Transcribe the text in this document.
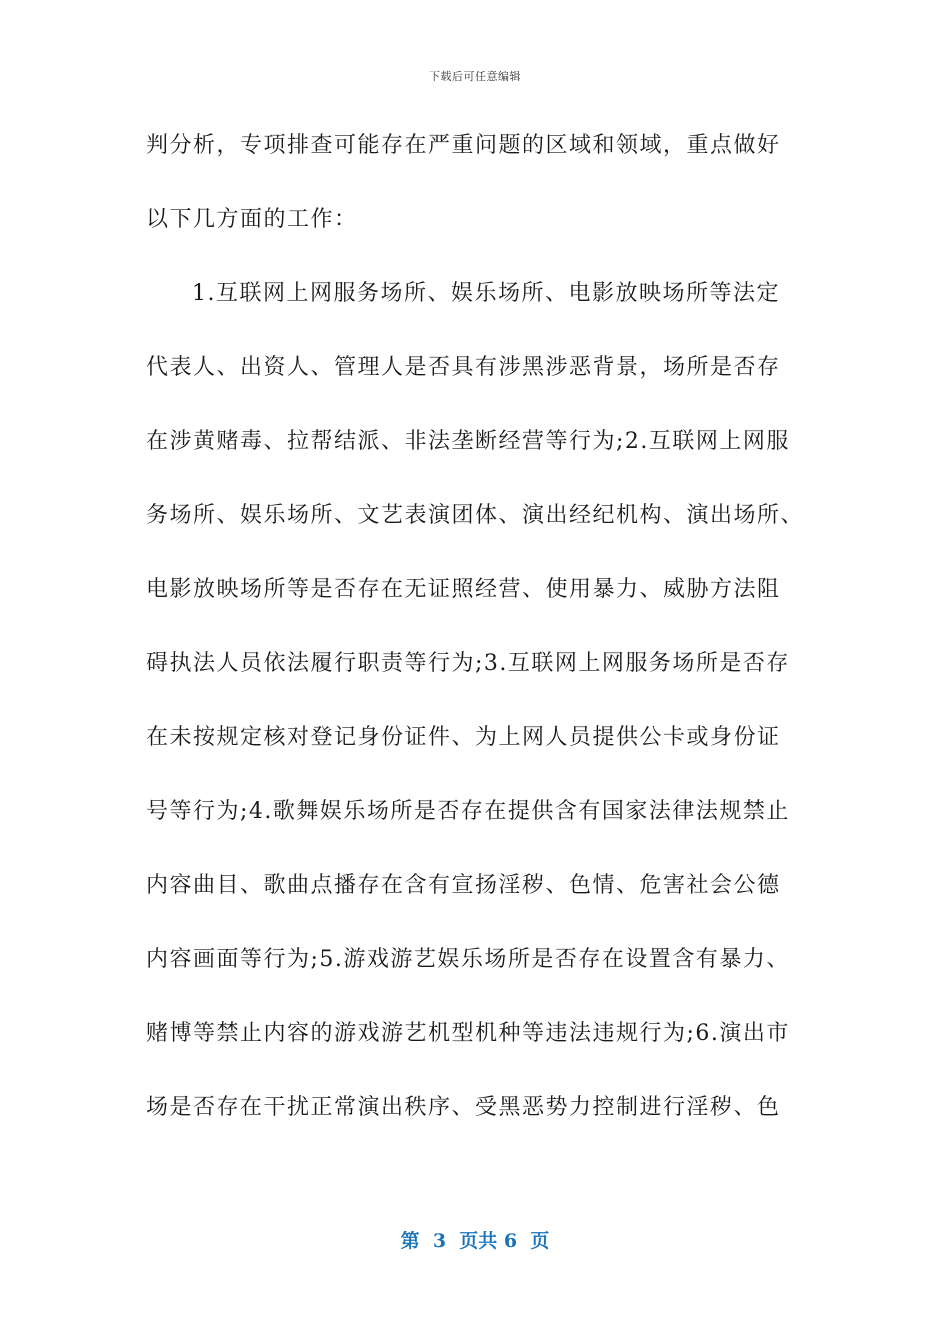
下载后可任意编辑
判分析，专项排查可能存在严重问题的区域和领域，重点做好
以下几方面的工作：
1.互联网上网服务场所、娱乐场所、电影放映场所等法定
代表人、出资人、管理人是否具有涉黑涉恶背景，场所是否存
在涉黄赌毒、拉帮结派、非法垄断经营等行为;2.互联网上网服
务场所、娱乐场所、文艺表演团体、演出经纪机构、演出场所、
电影放映场所等是否存在无证照经营、使用暴力、威胁方法阻
碍执法人员依法履行职责等行为;3.互联网上网服务场所是否存
在未按规定核对登记身份证件、为上网人员提供公卡或身份证
号等行为;4.歌舞娱乐场所是否存在提供含有国家法律法规禁止
内容曲目、歌曲点播存在含有宣扬淫秽、色情、危害社会公德
内容画面等行为;5.游戏游艺娱乐场所是否存在设置含有暴力、
赌博等禁止内容的游戏游艺机型机种等违法违规行为;6.演出市
场是否存在干扰正常演出秩序、受黑恶势力控制进行淫秽、色
第  3  页共 6  页
